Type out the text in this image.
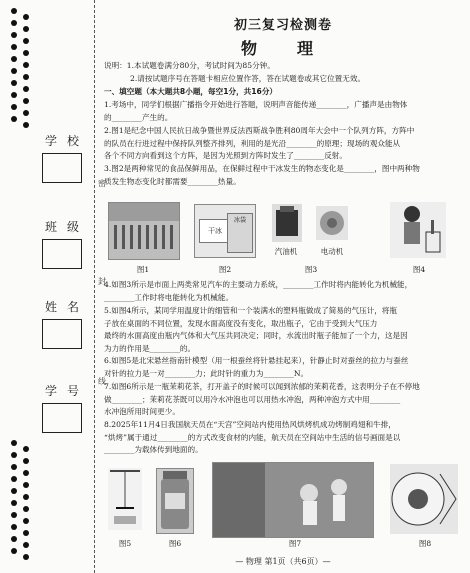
学校
班级
姓名
学号
密
封
线
初三复习检测卷
物　理
说明：1.本试题卷满分80分，考试时间为85分钟。
2.请按试题序号在答题卡相应位置作答，答在试题卷或其它位置无效。
一、填空题（本大题共8小题，每空1分，共16分）
1.考场中，同学们根据广播指令开始进行答题，说明声音能传递________，广播声是由物体
的________产生的。
2.图1是纪念中国人民抗日战争暨世界反法西斯战争胜利80周年大会中一个队列方阵，方阵中
的队员在行进过程中保持队列整齐排列，利用的是光沿________的原理；现场的观众能从
各个不同方向看到这个方阵，是因为光照到方阵时发生了________反射。
3.图2是两种常见的食品保鲜用品，在保鲜过程中干冰发生的物态变化是________，图中两种物
质发生物态变化时都需要________热量。
干冰
冰袋
汽油机	电动机
图1	图2	图3	图4
4.如图3所示是市面上两类常见汽车的主要动力系统，________工作时将内能转化为机械能，
________工作时将电能转化为机械能。
5.如图4所示，某同学用温度计的细管和一个装满水的塑料瓶做成了简易的气压计，将瓶
子放在桌面的不同位置，发现水面高度没有变化，取出瓶子，它由于受到大气压力
最终的水面高度由瓶内气体和大气压共同决定；同时，水流出时瓶子能加了一个力，这是因
为力的作用是________的。
6.如图5是北宋悬丝指南针模型（用一根蚕丝将针悬挂起来），针静止时对蚕丝的拉力与蚕丝
对针的拉力是一对________力；此时针的重力为________N。
7.如图6所示是一瓶茉莉花茶，打开盖子的时候可以闻到浓郁的茉莉花香，这表明分子在不停地
做________；茉莉花茶既可以用冷水冲泡也可以用热水冲泡，两种冲泡方式中用________
水冲泡所用时间更少。
8.2025年11月4日我国航天员在“天宫”空间站内使用热风烘烤机成功烤制鸡翅和牛排，
“烘烤”属于通过________的方式改变食材的内能，航天员在空间站中生活的信号画面是以
________为载体传到地面的。
图5	图6	图7	图8
— 物理 第1页（共6页）—
